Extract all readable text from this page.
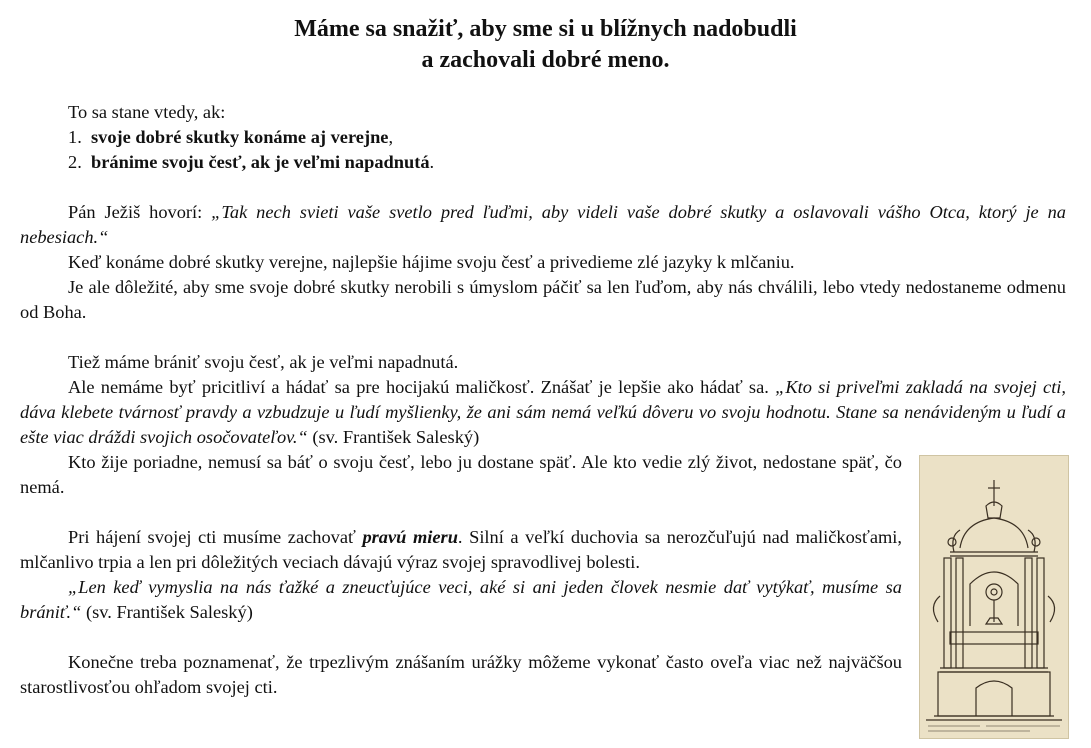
Máme sa snažiť, aby sme si u blížnych nadobudli
a zachovali dobré meno.

To sa stane vtedy, ak:

1. svoje dobré skutky konáme aj verejne,
2. bránime svoju česť, ak je veľmi napadnutá.

Pán Ježiš hovorí: „Tak nech svieti vaše svetlo pred ľuďmi, aby videli vaše dobré skutky a oslavovali vášho Otca, ktorý je na nebesiach.“

Keď konáme dobré skutky verejne, najlepšie hájime svoju česť a privedieme zlé jazyky k mlčaniu.

Je ale dôležité, aby sme svoje dobré skutky nerobili s úmyslom páčiť sa len ľuďom, aby nás chválili, lebo vtedy nedostaneme odmenu od Boha.

Tiež máme brániť svoju česť, ak je veľmi napadnutá.

Ale nemáme byť pricitliví a hádať sa pre hocijakú maličkosť. Znášať je lepšie ako hádať sa. „Kto si priveľmi zakladá na svojej cti, dáva klebete tvárnosť pravdy a vzbudzuje u ľudí myšlienky, že ani sám nemá veľkú dôveru vo svoju hodnotu. Stane sa nenávideným u ľudí a ešte viac dráždi svojich osočovateľov.“ (sv. František Saleský)

Kto žije poriadne, nemusí sa báť o svoju česť, lebo ju dostane späť. Ale kto vedie zlý život, nedostane späť, čo nemá.

Pri hájení svojej cti musíme zachovať pravú mieru. Silní a veľkí duchovia sa nerozčuľujú nad maličkosťami, mlčanlivo trpia a len pri dôležitých veciach dávajú výraz svojej spravodlivej bolesti.

„Len keď vymyslia na nás ťažké a zneucťujúce veci, aké si ani jeden človek nesmie dať vytýkať, musíme sa brániť.“ (sv. František Saleský)

Konečne treba poznamenať, že trpezlivým znášaním urážky môžeme vykonať často oveľa viac než najväčšou starostlivosťou ohľadom svojej cti.
